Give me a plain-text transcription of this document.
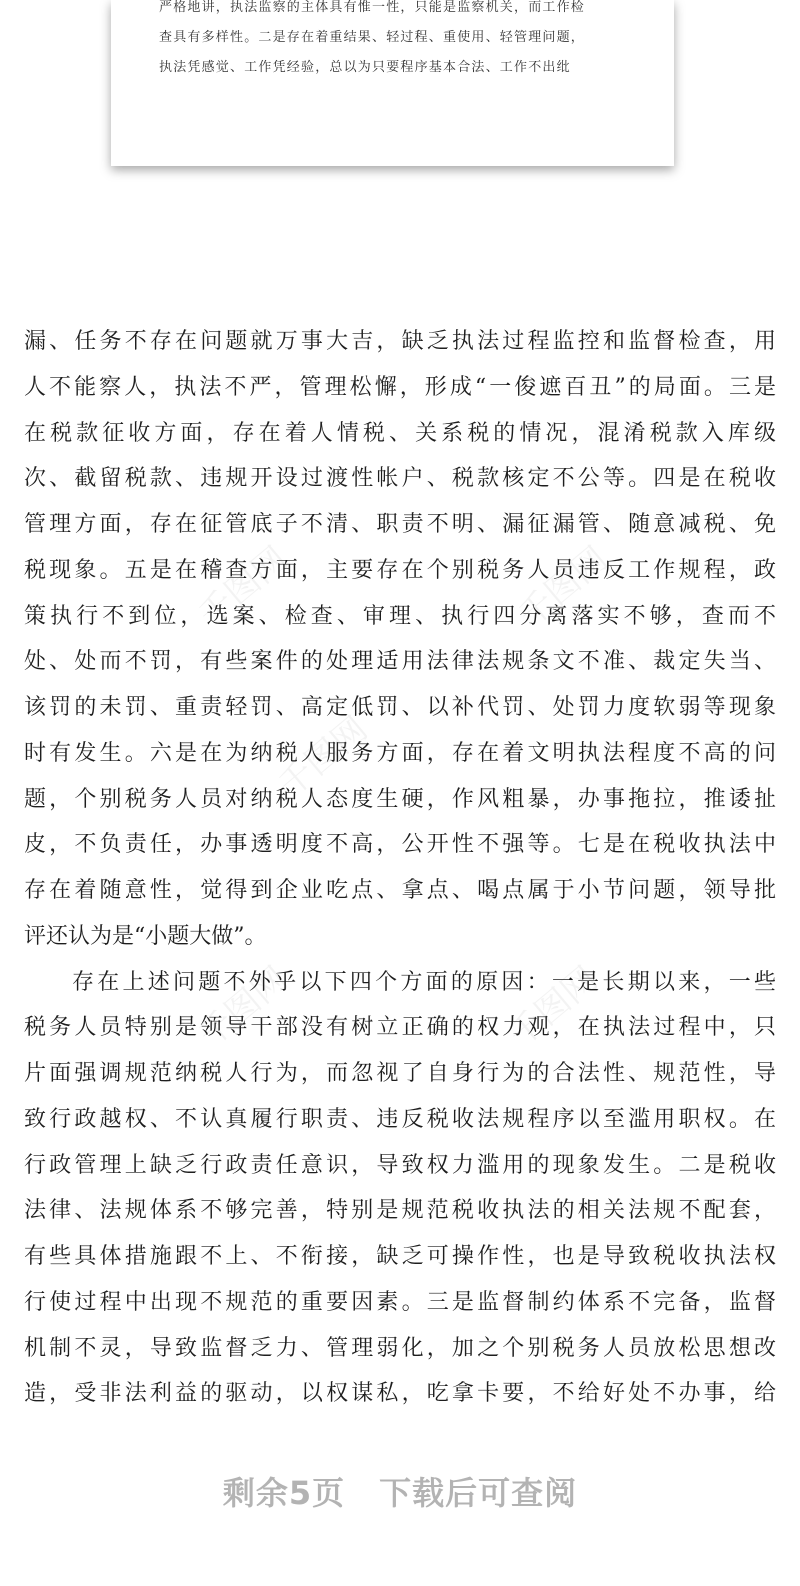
严格地讲，执法监察的主体具有惟一性，只能是监察机关，而工作检
查具有多样性。二是存在着重结果、轻过程、重使用、轻管理问题，
执法凭感觉、工作凭经验，总以为只要程序基本合法、工作不出纰
千图网	千图网
千图网
千图网	千图网
漏、任务不存在问题就万事大吉，缺乏执法过程监控和监督检查，用
人不能察人，执法不严，管理松懈，形成“一俊遮百丑”的局面。三是
在税款征收方面，存在着人情税、关系税的情况，混淆税款入库级
次、截留税款、违规开设过渡性帐户、税款核定不公等。四是在税收
管理方面，存在征管底子不清、职责不明、漏征漏管、随意减税、免
税现象。五是在稽查方面，主要存在个别税务人员违反工作规程，政
策执行不到位，选案、检查、审理、执行四分离落实不够，查而不
处、处而不罚，有些案件的处理适用法律法规条文不准、裁定失当、
该罚的未罚、重责轻罚、高定低罚、以补代罚、处罚力度软弱等现象
时有发生。六是在为纳税人服务方面，存在着文明执法程度不高的问
题，个别税务人员对纳税人态度生硬，作风粗暴，办事拖拉，推诿扯
皮，不负责任，办事透明度不高，公开性不强等。七是在税收执法中
存在着随意性，觉得到企业吃点、拿点、喝点属于小节问题，领导批
评还认为是“小题大做”。
存在上述问题不外乎以下四个方面的原因：一是长期以来，一些
税务人员特别是领导干部没有树立正确的权力观，在执法过程中，只
片面强调规范纳税人行为，而忽视了自身行为的合法性、规范性，导
致行政越权、不认真履行职责、违反税收法规程序以至滥用职权。在
行政管理上缺乏行政责任意识，导致权力滥用的现象发生。二是税收
法律、法规体系不够完善，特别是规范税收执法的相关法规不配套，
有些具体措施跟不上、不衔接，缺乏可操作性，也是导致税收执法权
行使过程中出现不规范的重要因素。三是监督制约体系不完备，监督
机制不灵，导致监督乏力、管理弱化，加之个别税务人员放松思想改
造，受非法利益的驱动，以权谋私，吃拿卡要，不给好处不办事，给
剩余5页 下载后可查阅
